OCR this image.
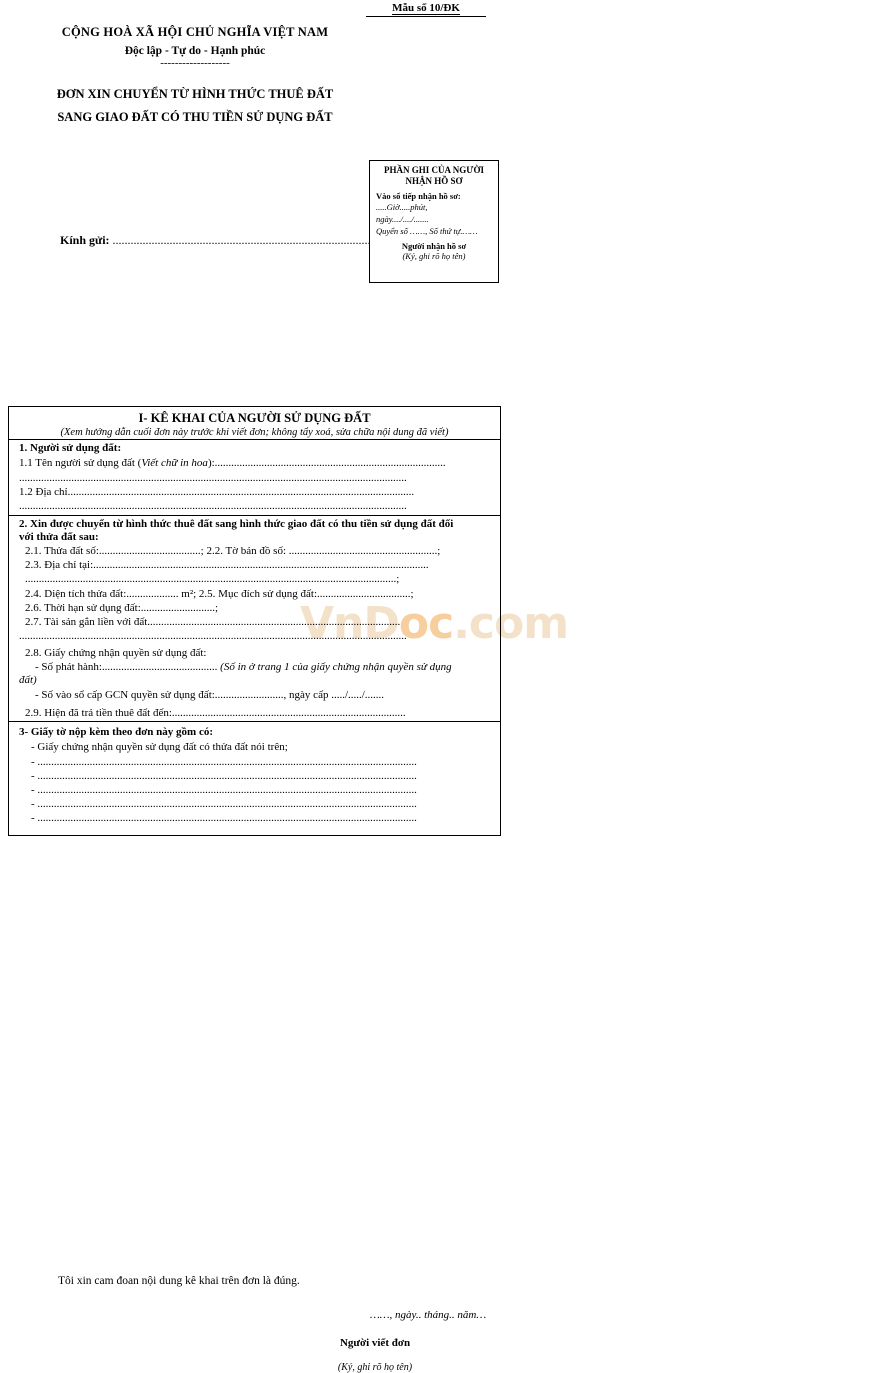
VnDoc.com
Mẫu số 10/ĐK
CỘNG HOÀ XÃ HỘI CHỦ NGHĨA VIỆT NAM
Độc lập - Tự do - Hạnh phúc
-------------------
ĐƠN XIN CHUYỂN TỪ HÌNH THỨC THUÊ ĐẤT
SANG GIAO ĐẤT CÓ THU TIỀN SỬ DỤNG ĐẤT
Kính gửi: ......................................................................................
PHẦN GHI CỦA NGƯỜI NHẬN HỒ SƠ
Vào sổ tiếp nhận hồ sơ:
.....Giờ.....phút,
ngày..../..../.......
Quyển số ……, Số thứ tự.……
Người nhận hồ sơ
(Ký, ghi rõ họ tên)
I- KÊ KHAI CỦA NGƯỜI SỬ DỤNG ĐẤT
(Xem hướng dẫn cuối đơn này trước khi viết đơn; không tẩy xoá, sửa chữa nội dung đã viết)
1. Người sử dụng đất:
1.1 Tên người sử dụng đất (Viết chữ in hoa):....................................................................................
.............................................................................................................................................
1.2 Địa chỉ..............................................................................................................................
.............................................................................................................................................
2. Xin được chuyển từ hình thức thuê đất sang hình thức giao đất có thu tiền sử dụng đất đối
với thửa đất sau:
2.1. Thửa đất số:.....................................; 2.2. Tờ bản đồ số: ......................................................;
2.3. Địa chỉ tại:..........................................................................................................................
.......................................................................................................................................;
2.4. Diện tích thửa đất:................... m²; 2.5. Mục đích sử dụng đất:..................................;
2.6. Thời hạn sử dụng đất:...........................;
2.7. Tài sản gắn liền với đất............................................................................................
.............................................................................................................................................
2.8. Giấy chứng nhận quyền sử dụng đất:
- Số phát hành:.......................................... (Số in ở trang 1 của giấy chứng nhận quyền sử dụng
đất)
- Số vào sổ cấp GCN quyền sử dụng đất:........................., ngày cấp ...../...../.......
2.9. Hiện đã trả tiền thuê đất đến:.....................................................................................
3- Giấy tờ nộp kèm theo đơn này gồm có:
- Giấy chứng nhận quyền sử dụng đất có thửa đất nói trên;
- ..........................................................................................................................................
- ..........................................................................................................................................
- ..........................................................................................................................................
- ..........................................................................................................................................
- ..........................................................................................................................................
Tôi xin cam đoan nội dung kê khai trên đơn là đúng.
……, ngày.. tháng.. năm…
Người viết đơn
(Ký, ghi rõ họ tên)
